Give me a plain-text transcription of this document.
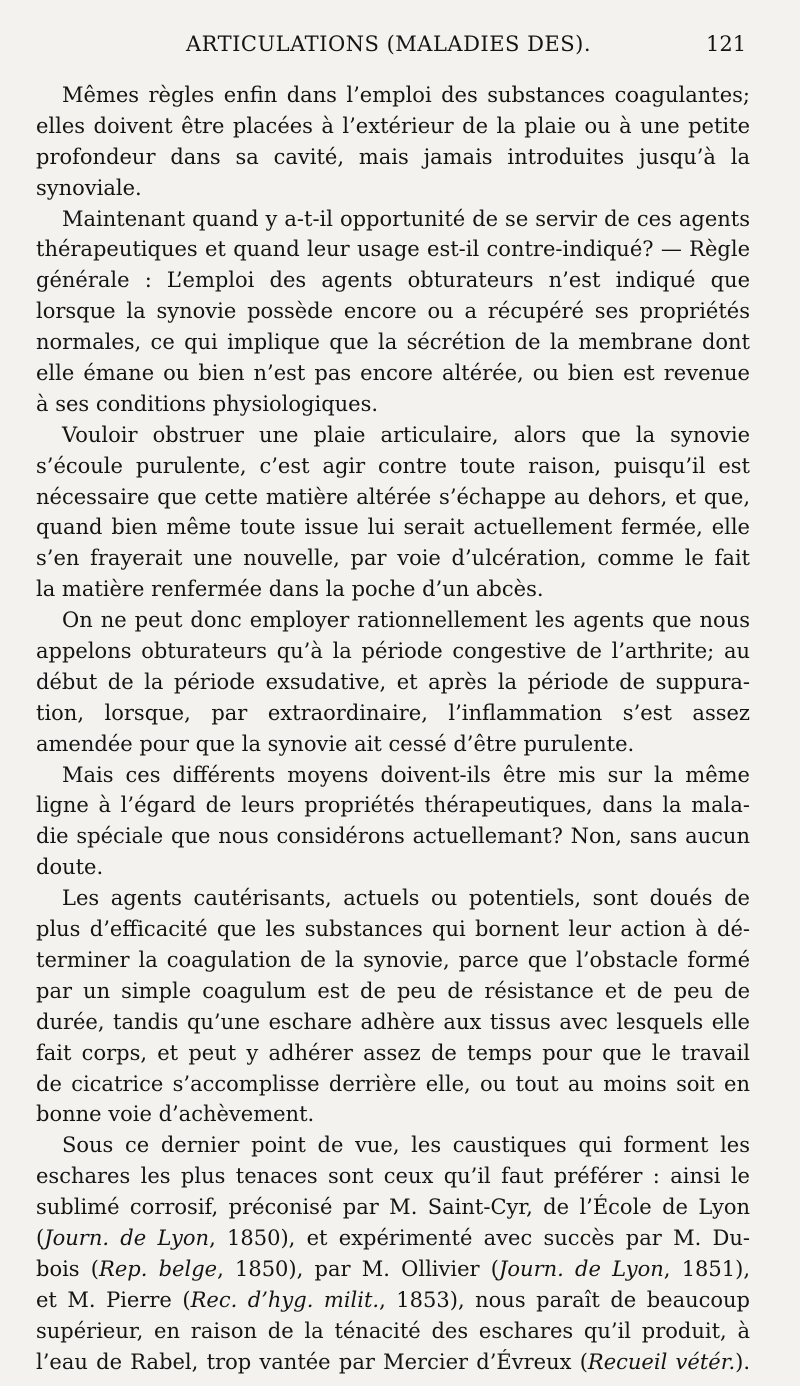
ARTICULATIONS (MALADIES DES).	121
Mêmes règles enfin dans l’emploi des substances coagulantes;
elles doivent être placées à l’extérieur de la plaie ou à une petite
profondeur dans sa cavité, mais jamais introduites jusqu’à la
synoviale.
Maintenant quand y a-t-il opportunité de se servir de ces agents
thérapeutiques et quand leur usage est-il contre-indiqué? — Règle
générale : L’emploi des agents obturateurs n’est indiqué que
lorsque la synovie possède encore ou a récupéré ses propriétés
normales, ce qui implique que la sécrétion de la membrane dont
elle émane ou bien n’est pas encore altérée, ou bien est revenue
à ses conditions physiologiques.
Vouloir obstruer une plaie articulaire, alors que la synovie
s’écoule purulente, c’est agir contre toute raison, puisqu’il est
nécessaire que cette matière altérée s’échappe au dehors, et que,
quand bien même toute issue lui serait actuellement fermée, elle
s’en frayerait une nouvelle, par voie d’ulcération, comme le fait
la matière renfermée dans la poche d’un abcès.
On ne peut donc employer rationnellement les agents que nous
appelons obturateurs qu’à la période congestive de l’arthrite; au
début de la période exsudative, et après la période de suppura-
tion, lorsque, par extraordinaire, l’inflammation s’est assez
amendée pour que la synovie ait cessé d’être purulente.
Mais ces différents moyens doivent-ils être mis sur la même
ligne à l’égard de leurs propriétés thérapeutiques, dans la mala-
die spéciale que nous considérons actuellemant? Non, sans aucun
doute.
Les agents cautérisants, actuels ou potentiels, sont doués de
plus d’efficacité que les substances qui bornent leur action à dé-
terminer la coagulation de la synovie, parce que l’obstacle formé
par un simple coagulum est de peu de résistance et de peu de
durée, tandis qu’une eschare adhère aux tissus avec lesquels elle
fait corps, et peut y adhérer assez de temps pour que le travail
de cicatrice s’accomplisse derrière elle, ou tout au moins soit en
bonne voie d’achèvement.
Sous ce dernier point de vue, les caustiques qui forment les
eschares les plus tenaces sont ceux qu’il faut préférer : ainsi le
sublimé corrosif, préconisé par M. Saint-Cyr, de l’École de Lyon
(Journ. de Lyon, 1850), et expérimenté avec succès par M. Du-
bois (Rep. belge, 1850), par M. Ollivier (Journ. de Lyon, 1851),
et M. Pierre (Rec. d’hyg. milit., 1853), nous paraît de beaucoup
supérieur, en raison de la ténacité des eschares qu’il produit, à
l’eau de Rabel, trop vantée par Mercier d’Évreux (Recueil vétér.).
